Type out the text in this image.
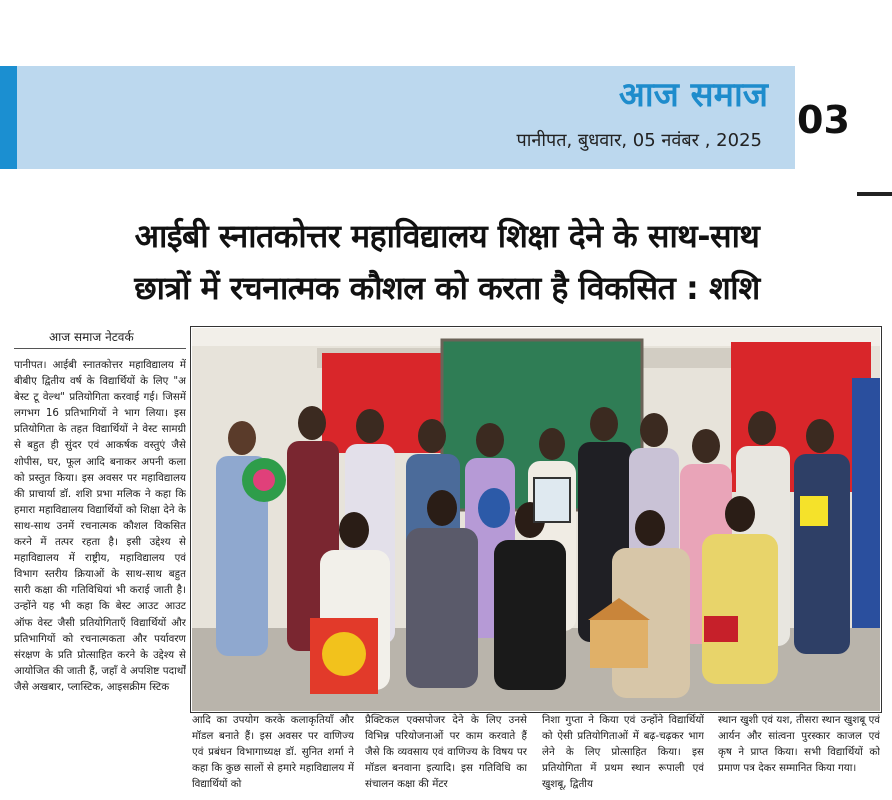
आज समाज
पानीपत, बुधवार, 05 नवंबर , 2025 03
आईबी स्नातकोत्तर महाविद्यालय शिक्षा देने के साथ-साथ
छात्रों में रचनात्मक कौशल को करता है विकसित : शशि
आज समाज नेटवर्क
पानीपत। आईबी स्नातकोत्तर महाविद्यालय में बीबीए द्वितीय वर्ष के विद्यार्थियों के लिए "अ बेस्ट टू वेल्थ" प्रतियोगिता करवाई गई। जिसमें लगभग 16 प्रतिभागियों ने भाग लिया। इस प्रतियोगिता के तहत विद्यार्थियों ने वेस्ट सामग्री से बहुत ही सुंदर एवं आकर्षक वस्तुएं जैसे शोपीस, घर, फूल आदि बनाकर अपनी कला को प्रस्तुत किया। इस अवसर पर महाविद्यालय की प्राचार्या डॉ. शशि प्रभा मलिक ने कहा कि हमारा महाविद्यालय विद्यार्थियों को शिक्षा देने के साथ-साथ उनमें रचनात्मक कौशल विकसित करने में तत्पर रहता है। इसी उद्देश्य से महाविद्यालय में राष्ट्रीय, महाविद्यालय एवं विभाग स्तरीय क्रियाओं के साथ-साथ बहुत सारी कक्षा की गतिविधियां भी कराई जाती है। उन्होंने यह भी कहा कि बेस्ट आउट आउट ऑफ वेस्ट जैसी प्रतियोगिताएँ विद्यार्थियों और प्रतिभागियों को रचनात्मकता और पर्यावरण संरक्षण के प्रति प्रोत्साहित करने के उद्देश्य से आयोजित की जाती हैं, जहाँ वे अपशिष्ट पदार्थों जैसे अखबार, प्लास्टिक, आइसक्रीम स्टिक
आदि का उपयोग करके कलाकृतियाँ और मॉडल बनाते हैं। इस अवसर पर वाणिज्य एवं प्रबंधन विभागाध्यक्ष डॉ. सुनित शर्मा ने कहा कि कुछ सालों से हमारे महाविद्यालय में विद्यार्थियों को
प्रैक्टिकल एक्सपोजर देने के लिए उनसे विभिन्न परियोजनाओं पर काम करवाते हैं जैसे कि व्यवसाय एवं वाणिज्य के विषय पर मॉडल बनवाना इत्यादि। इस गतिविधि का संचालन कक्षा की मेंटर
निशा गुप्ता ने किया एवं उन्होंने विद्यार्थियों को ऐसी प्रतियोगिताओं में बढ़-चढ़कर भाग लेने के लिए प्रोत्साहित किया। इस प्रतियोगिता में प्रथम स्थान रूपाली एवं खुशबू, द्वितीय
स्थान खुशी एवं यश, तीसरा स्थान खुशबू एवं आर्यन और सांत्वना पुरस्कार काजल एवं कृष ने प्राप्त किया। सभी विद्यार्थियों को प्रमाण पत्र देकर सम्मानित किया गया।
